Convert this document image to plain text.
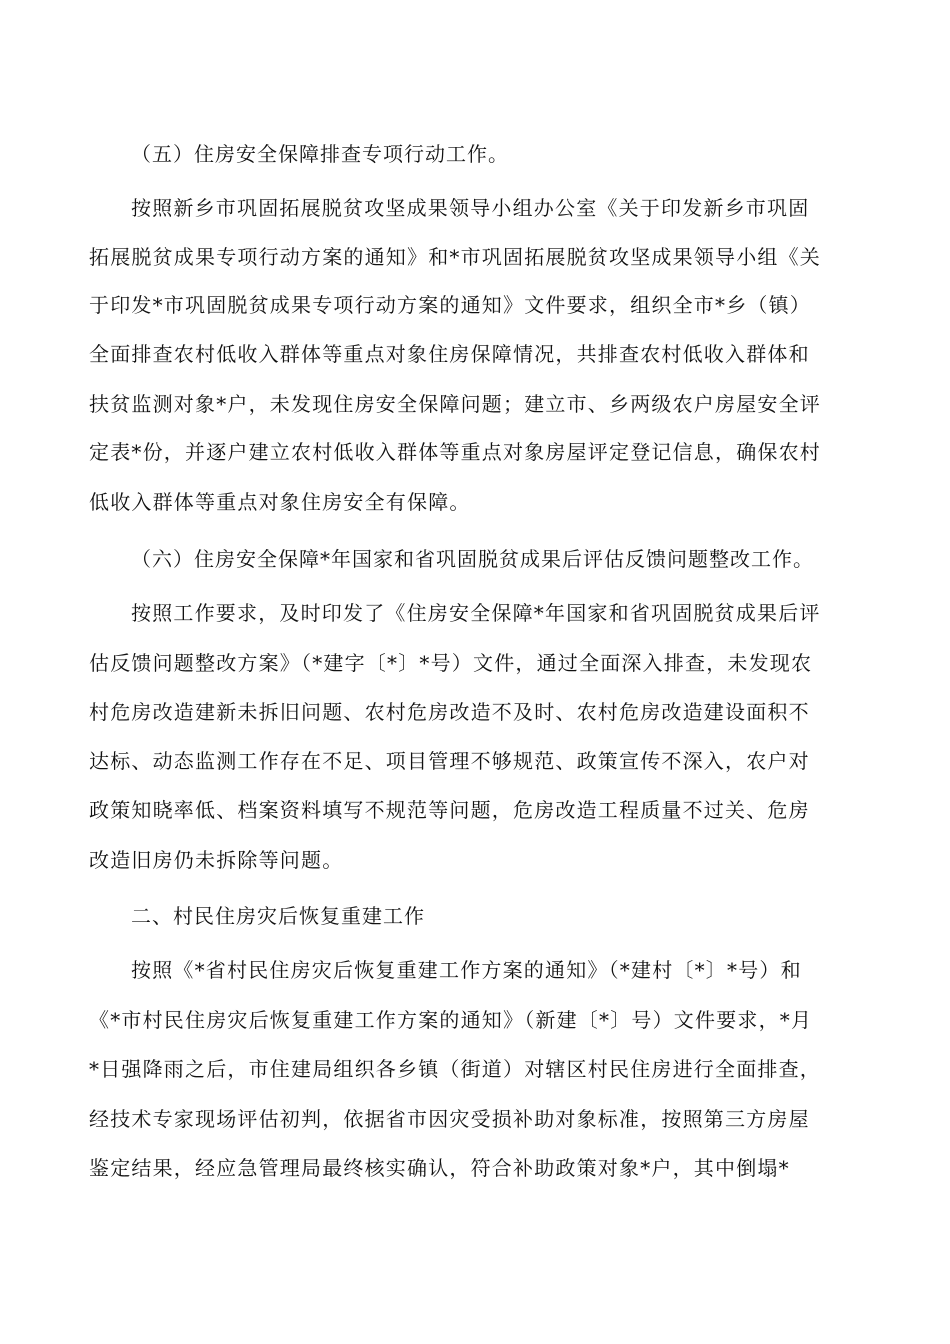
（五）住房安全保障排查专项行动工作。
按照新乡市巩固拓展脱贫攻坚成果领导小组办公室《关于印发新乡市巩固
拓展脱贫成果专项行动方案的通知》和*市巩固拓展脱贫攻坚成果领导小组《关
于印发*市巩固脱贫成果专项行动方案的通知》文件要求，组织全市*乡（镇）
全面排查农村低收入群体等重点对象住房保障情况，共排查农村低收入群体和
扶贫监测对象*户，未发现住房安全保障问题；建立市、乡两级农户房屋安全评
定表*份，并逐户建立农村低收入群体等重点对象房屋评定登记信息，确保农村
低收入群体等重点对象住房安全有保障。
（六）住房安全保障*年国家和省巩固脱贫成果后评估反馈问题整改工作。
按照工作要求，及时印发了《住房安全保障*年国家和省巩固脱贫成果后评
估反馈问题整改方案》（*建字〔*〕*号）文件，通过全面深入排查，未发现农
村危房改造建新未拆旧问题、农村危房改造不及时、农村危房改造建设面积不
达标、动态监测工作存在不足、项目管理不够规范、政策宣传不深入，农户对
政策知晓率低、档案资料填写不规范等问题，危房改造工程质量不过关、危房
改造旧房仍未拆除等问题。
二、村民住房灾后恢复重建工作
按照《*省村民住房灾后恢复重建工作方案的通知》（*建村〔*〕*号）和
《*市村民住房灾后恢复重建工作方案的通知》（新建〔*〕号）文件要求，*月
*日强降雨之后，市住建局组织各乡镇（街道）对辖区村民住房进行全面排查，
经技术专家现场评估初判，依据省市因灾受损补助对象标准，按照第三方房屋
鉴定结果，经应急管理局最终核实确认，符合补助政策对象*户，其中倒塌*
